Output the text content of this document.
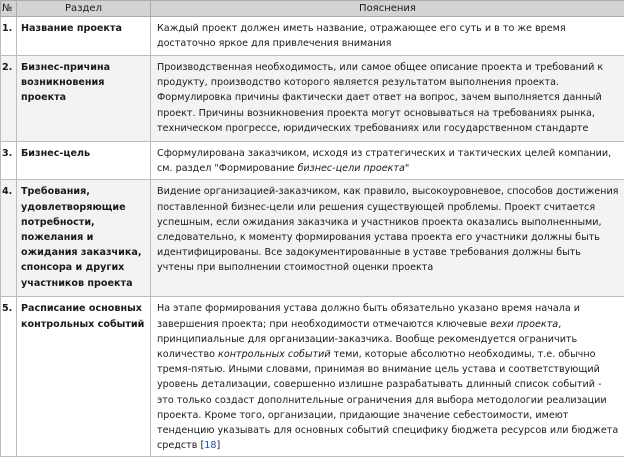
№	Раздел	Пояснения
1.	Название проекта	Каждый проект должен иметь название, отражающее его суть и в то же время достаточно яркое для привлечения внимания
2.	Бизнес-причина возникновения проекта	Производственная необходимость, или самое общее описание проекта и требований к продукту, производство которого является результатом выполнения проекта. Формулировка причины фактически дает ответ на вопрос, зачем выполняется данный проект. Причины возникновения проекта могут основываться на требованиях рынка, техническом прогрессе, юридических требованиях или государственном стандарте
3.	Бизнес-цель	Сформулирована заказчиком, исходя из стратегических и тактических целей компании, см. раздел "Формирование бизнес-цели проекта"
4.	Требования, удовлетворяющие потребности, пожелания и ожидания заказчика, спонсора и других участников проекта	Видение организацией-заказчиком, как правило, высокоуровневое, способов достижения поставленной бизнес-цели или решения существующей проблемы. Проект считается успешным, если ожидания заказчика и участников проекта оказались выполненными, следовательно, к моменту формирования устава проекта его участники должны быть идентифицированы. Все задокументированные в уставе требования должны быть учтены при выполнении стоимостной оценки проекта
5.	Расписание основных контрольных событий	На этапе формирования устава должно быть обязательно указано время начала и завершения проекта; при необходимости отмечаются ключевые вехи проекта, принципиальные для организации-заказчика. Вообще рекомендуется ограничить количество контрольных событий теми, которые абсолютно необходимы, т.е. обычно тремя-пятью. Иными словами, принимая во внимание цель устава и соответствующий уровень детализации, совершенно излишне разрабатывать длинный список событий - это только создаст дополнительные ограничения для выбора методологии реализации проекта. Кроме того, организации, придающие значение себестоимости, имеют тенденцию указывать для основных событий специфику бюджета ресурсов или бюджета средств [18]
